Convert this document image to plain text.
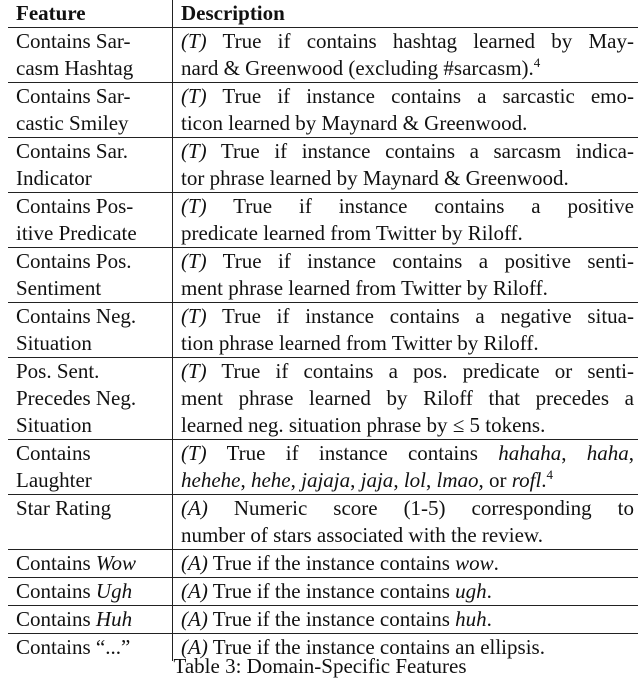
Feature	Description

Contains Sar-
casm Hashtag	(T) True if contains hashtag learned by May-
nard & Greenwood (excluding #sarcasm).$^4$

Contains Sar-
castic Smiley	(T) True if instance contains a sarcastic emo-
ticon learned by Maynard & Greenwood.

Contains Sar.
Indicator	(T) True if instance contains a sarcasm indica-
tor phrase learned by Maynard & Greenwood.

Contains Pos-
itive Predicate	(T) True if instance contains a positive
predicate learned from Twitter by Riloff.

Contains Pos.
Sentiment	(T) True if instance contains a positive senti-
ment phrase learned from Twitter by Riloff.

Contains Neg.
Situation	(T) True if instance contains a negative situa-
tion phrase learned from Twitter by Riloff.

Pos. Sent.
Precedes Neg.
Situation	(T) True if contains a pos. predicate or senti-
ment phrase learned by Riloff that precedes a
learned neg. situation phrase by ≤ 5 tokens.

Contains
Laughter	(T) True if instance contains hahaha, haha,
hehehe, hehe, jajaja, jaja, lol, lmao, or rofl.$^4$

Star Rating	(A) Numeric score (1-5) corresponding to
number of stars associated with the review.

Contains Wow	(A) True if the instance contains wow.

Contains Ugh	(A) True if the instance contains ugh.

Contains Huh	(A) True if the instance contains huh.

Contains “...”	(A) True if the instance contains an ellipsis.
Table 3: Domain-Specific Features
